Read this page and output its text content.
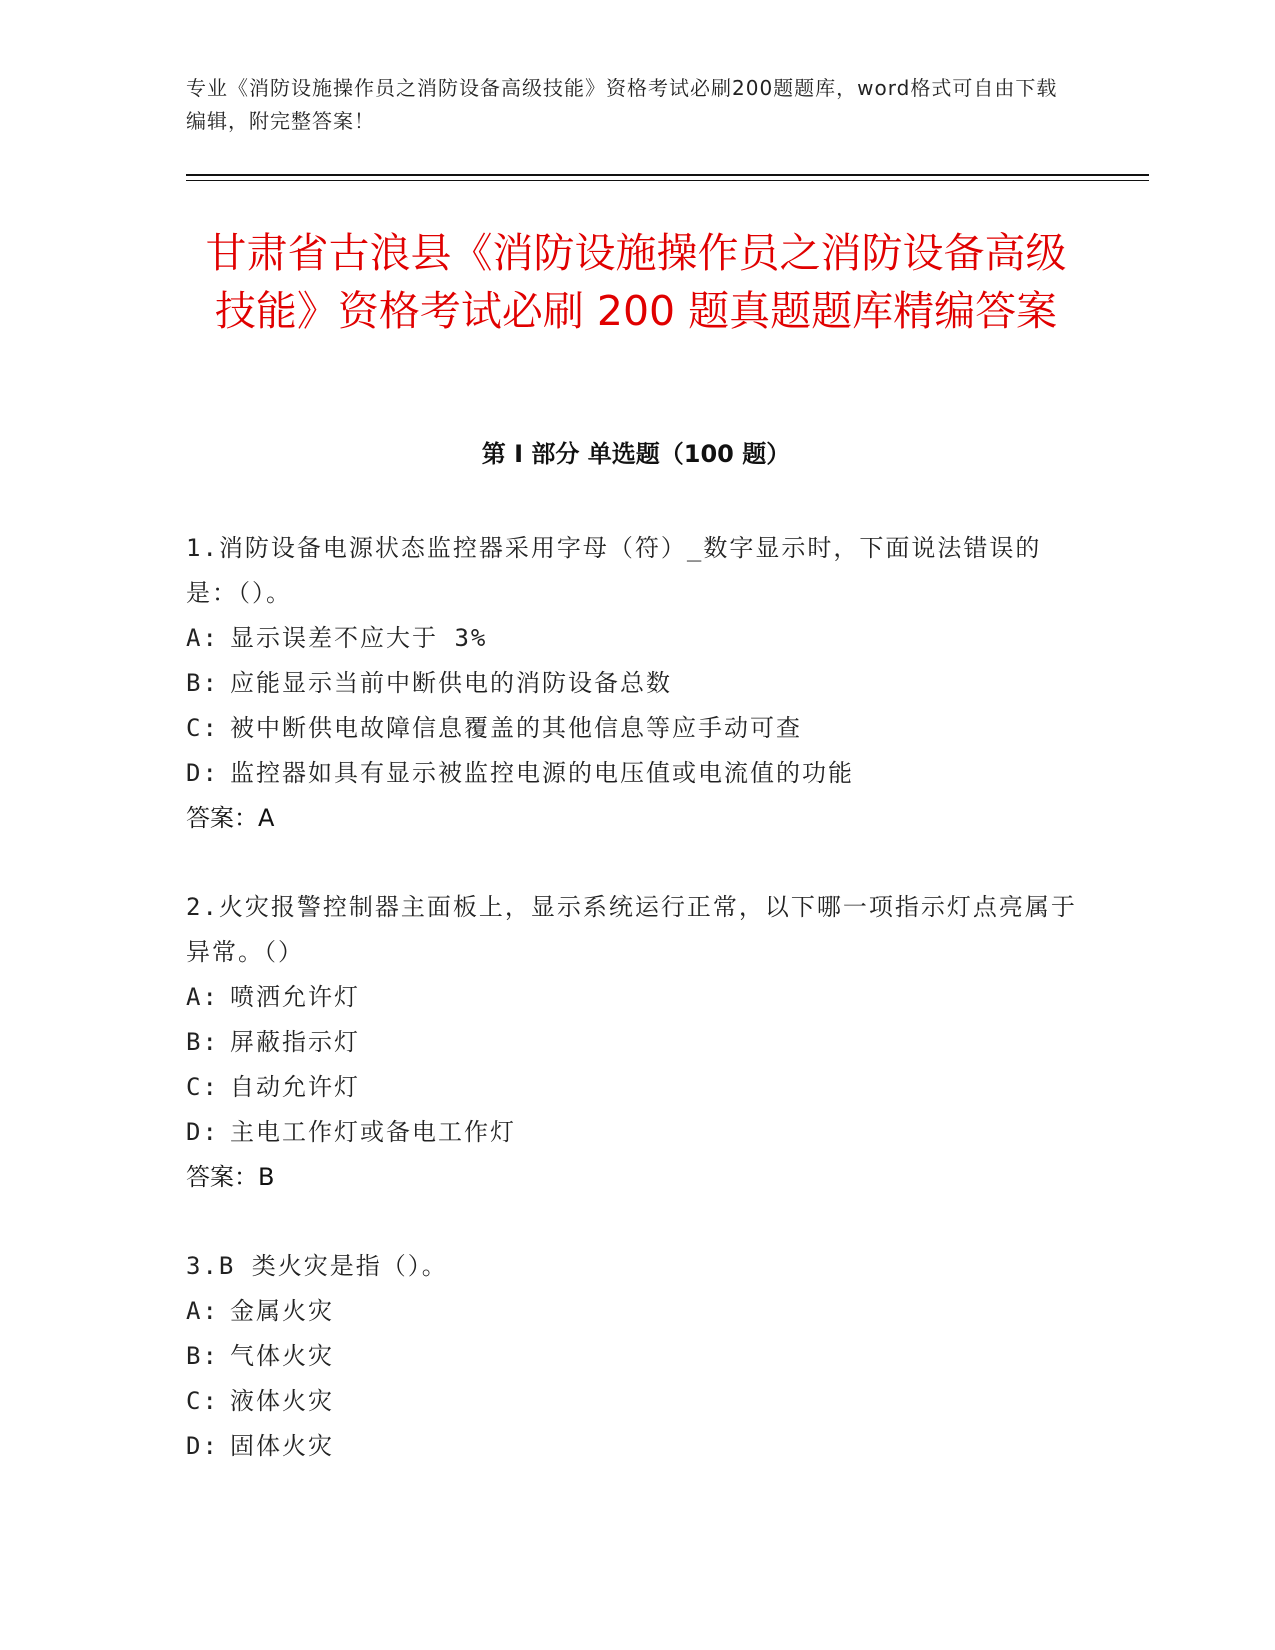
专业《消防设施操作员之消防设备高级技能》资格考试必刷200题题库，word格式可自由下载编辑，附完整答案！
甘肃省古浪县《消防设施操作员之消防设备高级技能》资格考试必刷 200 题真题题库精编答案
第 I 部分 单选题（100 题）
1.消防设备电源状态监控器采用字母（符）_数字显示时，下面说法错误的是：（）。
A: 显示误差不应大于 3%
B: 应能显示当前中断供电的消防设备总数
C: 被中断供电故障信息覆盖的其他信息等应手动可查
D: 监控器如具有显示被监控电源的电压值或电流值的功能
答案：A
2.火灾报警控制器主面板上，显示系统运行正常，以下哪一项指示灯点亮属于异常。（）
A: 喷洒允许灯
B: 屏蔽指示灯
C: 自动允许灯
D: 主电工作灯或备电工作灯
答案：B
3.B 类火灾是指（）。
A: 金属火灾
B: 气体火灾
C: 液体火灾
D: 固体火灾
